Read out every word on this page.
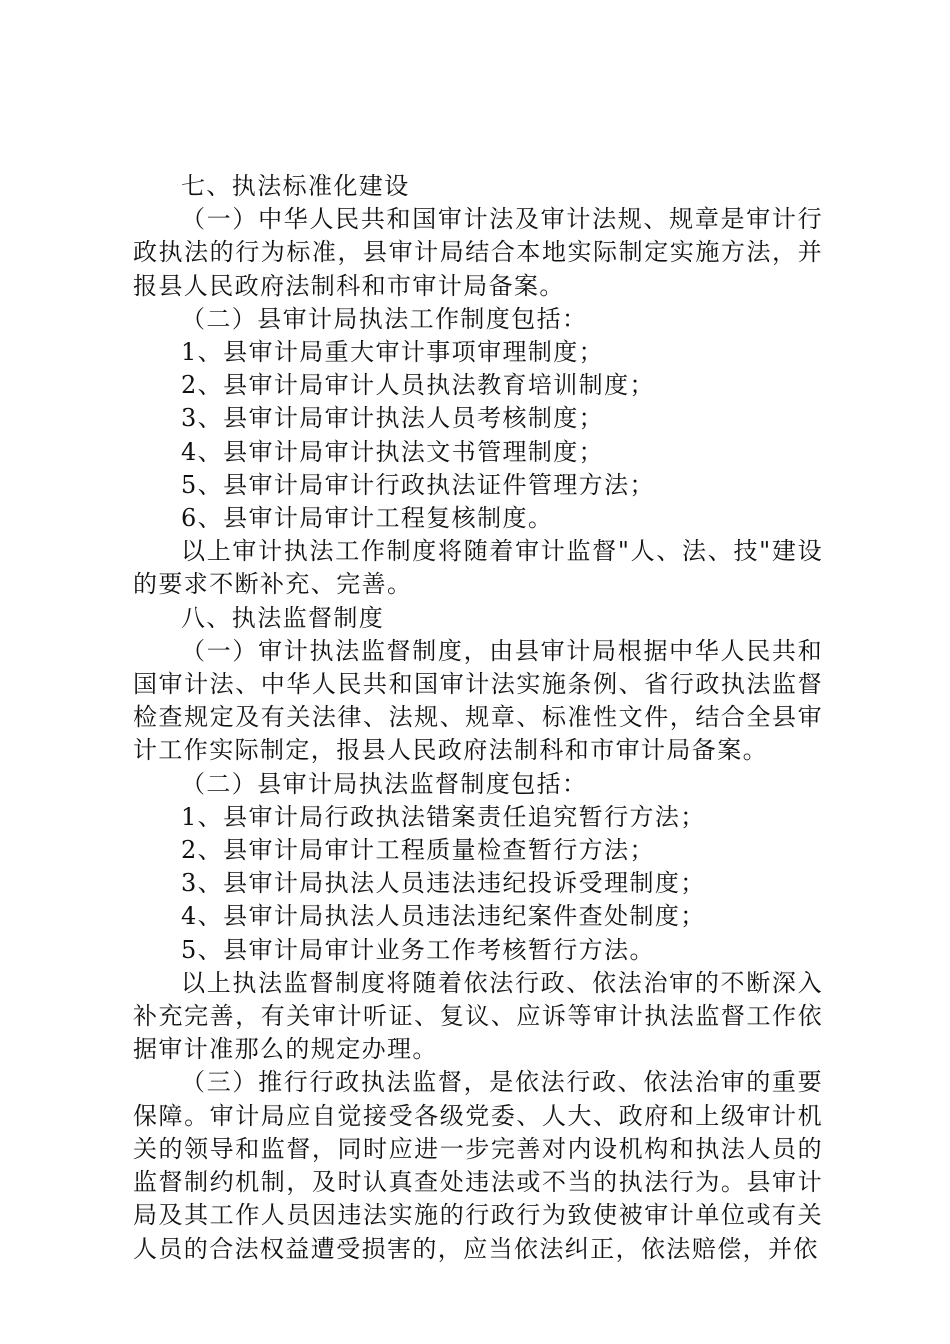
七、执法标准化建设

（一）中华人民共和国审计法及审计法规、规章是审计行政执法的行为标准，县审计局结合本地实际制定实施方法，并报县人民政府法制科和市审计局备案。

（二）县审计局执法工作制度包括：

1、县审计局重大审计事项审理制度；

2、县审计局审计人员执法教育培训制度；

3、县审计局审计执法人员考核制度；

4、县审计局审计执法文书管理制度；

5、县审计局审计行政执法证件管理方法；

6、县审计局审计工程复核制度。

以上审计执法工作制度将随着审计监督"人、法、技"建设的要求不断补充、完善。

八、执法监督制度

（一）审计执法监督制度，由县审计局根据中华人民共和国审计法、中华人民共和国审计法实施条例、省行政执法监督检查规定及有关法律、法规、规章、标准性文件，结合全县审计工作实际制定，报县人民政府法制科和市审计局备案。

（二）县审计局执法监督制度包括：

1、县审计局行政执法错案责任追究暂行方法；

2、县审计局审计工程质量检查暂行方法；

3、县审计局执法人员违法违纪投诉受理制度；

4、县审计局执法人员违法违纪案件查处制度；

5、县审计局审计业务工作考核暂行方法。

以上执法监督制度将随着依法行政、依法治审的不断深入补充完善，有关审计听证、复议、应诉等审计执法监督工作依据审计准那么的规定办理。

（三）推行行政执法监督，是依法行政、依法治审的重要保障。审计局应自觉接受各级党委、人大、政府和上级审计机关的领导和监督，同时应进一步完善对内设机构和执法人员的监督制约机制，及时认真查处违法或不当的执法行为。县审计局及其工作人员因违法实施的行政行为致使被审计单位或有关人员的合法权益遭受损害的，应当依法纠正，依法赔偿，并依
